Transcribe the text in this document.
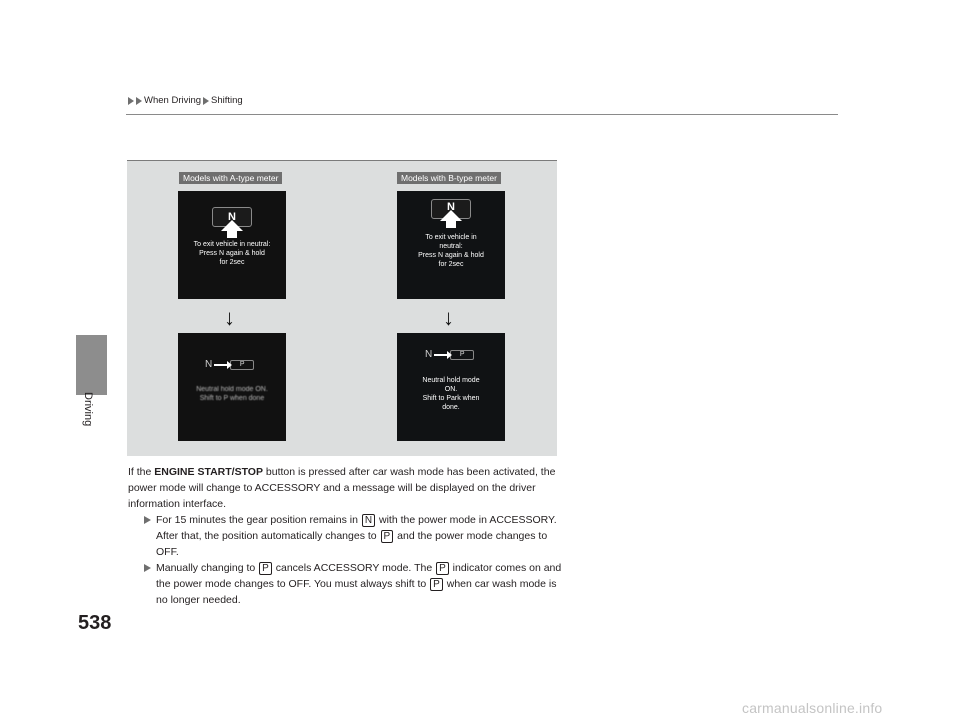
When Driving Shifting
Driving
Models with A-type meter
N
To exit vehicle in neutral:
Press N again & hold
for 2sec
↓
N	P
Neutral hold mode ON.
Shift to P when done
Models with B-type meter
N
To exit vehicle in
neutral:
Press N again & hold
for 2sec
↓
N	P
Neutral hold mode
ON.
Shift to Park when
done.

If the ENGINE START/STOP button is pressed after car wash mode has been activated, the power mode will change to ACCESSORY and a message will be displayed on the driver information interface.

For 15 minutes the gear position remains in N with the power mode in ACCESSORY. After that, the position automatically changes to P and the power mode changes to OFF.
Manually changing to P cancels ACCESSORY mode. The P indicator comes on and the power mode changes to OFF. You must always shift to P when car wash mode is no longer needed.
538
carmanualsonline.info
